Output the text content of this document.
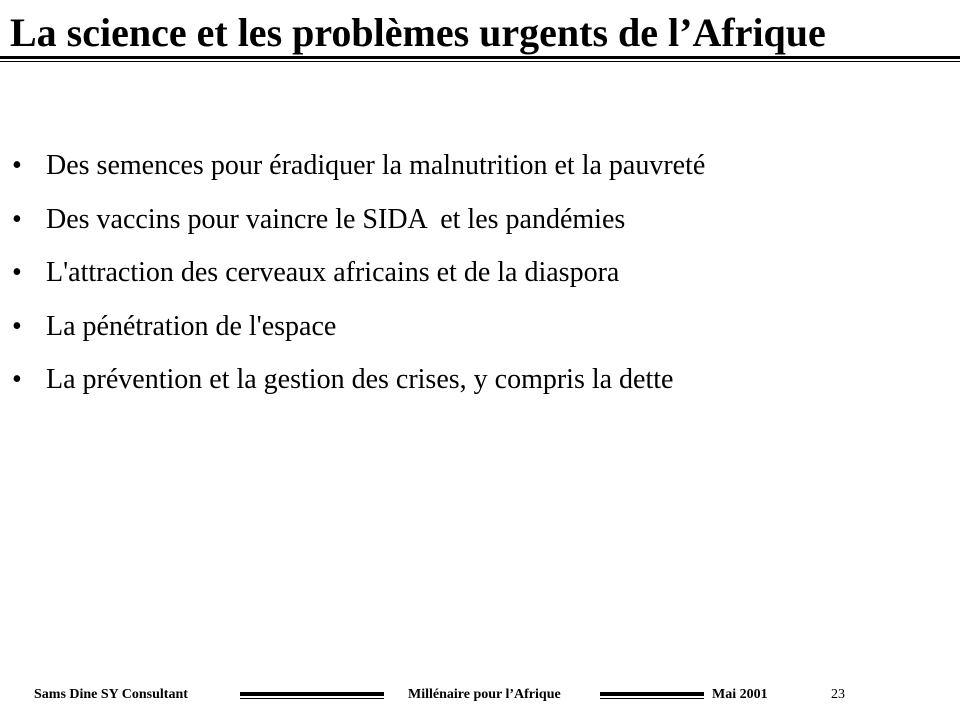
La science et les problèmes urgents de l’Afrique
• Des semences pour éradiquer la malnutrition et la pauvreté
• Des vaccins pour vaincre le SIDA  et les pandémies
• L'attraction des cerveaux africains et de la diaspora
• La pénétration de l'espace
• La prévention et la gestion des crises, y compris la dette
Sams Dine SY Consultant	Millénaire pour l’Afrique	Mai 2001	23
